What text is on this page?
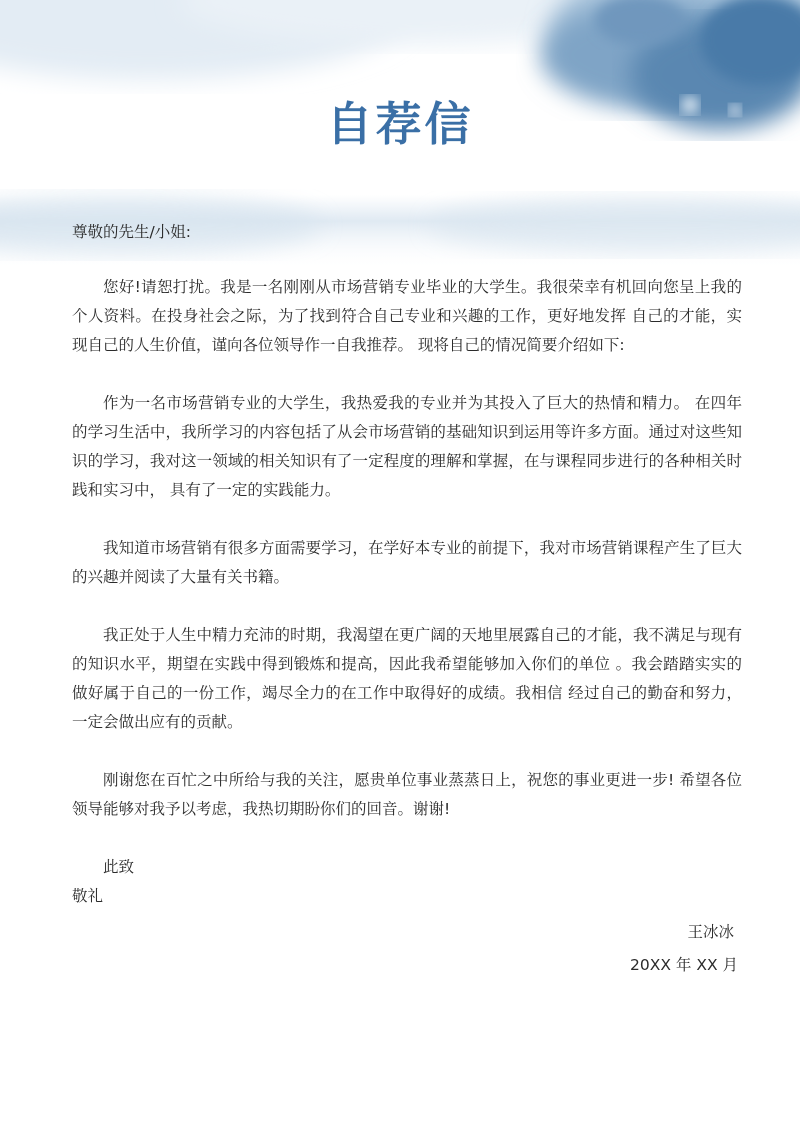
自荐信

尊敬的先生/小姐:

您好!请恕打扰。我是一名刚刚从市场营销专业毕业的大学生。我很荣幸有机回向您呈上我的个人资料。在投身社会之际，为了找到符合自己专业和兴趣的工作，更好地发挥 自己的才能，实现自己的人生价值，谨向各位领导作一自我推荐。 现将自己的情况简要介绍如下:

作为一名市场营销专业的大学生，我热爱我的专业并为其投入了巨大的热情和精力。 在四年的学习生活中，我所学习的内容包括了从会市场营销的基础知识到运用等许多方面。通过对这些知识的学习，我对这一领域的相关知识有了一定程度的理解和掌握，在与课程同步进行的各种相关时践和实习中， 具有了一定的实践能力。

我知道市场营销有很多方面需要学习，在学好本专业的前提下，我对市场营销课程产生了巨大的兴趣并阅读了大量有关书籍。

我正处于人生中精力充沛的时期，我渴望在更广阔的天地里展露自己的才能，我不满足与现有的知识水平，期望在实践中得到锻炼和提高，因此我希望能够加入你们的单位 。我会踏踏实实的做好属于自己的一份工作，竭尽全力的在工作中取得好的成绩。我相信 经过自己的勤奋和努力，一定会做出应有的贡献。

刚谢您在百忙之中所给与我的关注，愿贵单位事业蒸蒸日上，祝您的事业更进一步! 希望各位领导能够对我予以考虑，我热切期盼你们的回音。谢谢!

此致

敬礼

王冰冰

20XX 年 XX 月
